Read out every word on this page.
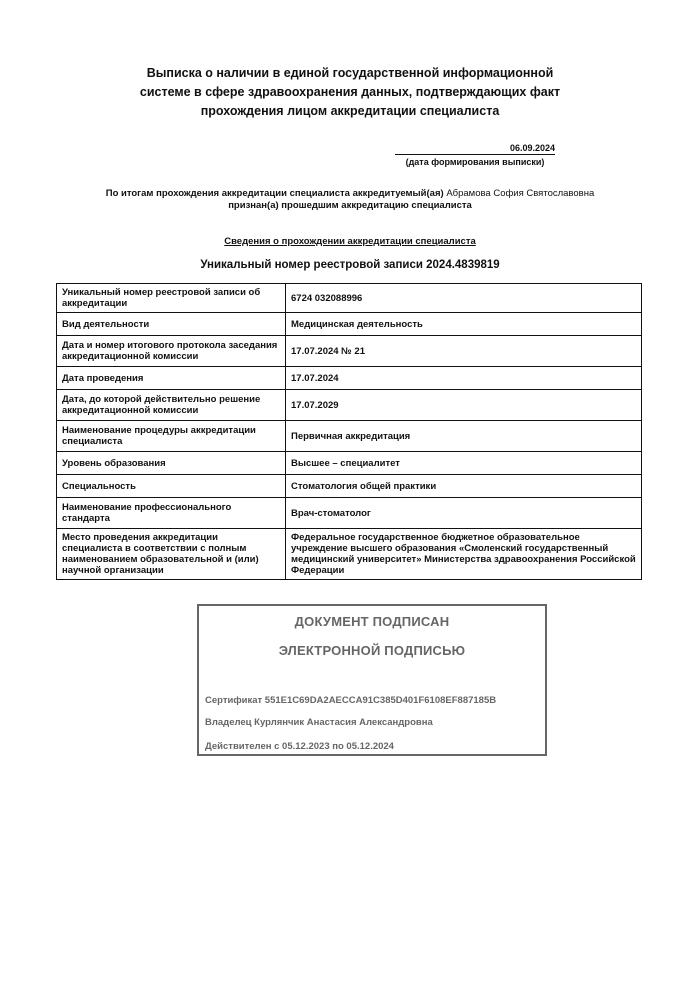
Выписка о наличии в единой государственной информационной
системе в сфере здравоохранения данных, подтверждающих факт
прохождения лицом аккредитации специалиста
06.09.2024
(дата формирования выписки)
По итогам прохождения аккредитации специалиста аккредитуемый(ая) Абрамова София Святославовна
признан(а) прошедшим аккредитацию специалиста
Сведения о прохождении аккредитации специалиста
Уникальный номер реестровой записи 2024.4839819
Уникальный номер реестровой записи об аккредитации	6724 032088996
Вид деятельности	Медицинская деятельность
Дата и номер итогового протокола заседания аккредитационной комиссии	17.07.2024 № 21
Дата проведения	17.07.2024
Дата, до которой действительно решение аккредитационной комиссии	17.07.2029
Наименование процедуры аккредитации специалиста	Первичная аккредитация
Уровень образования	Высшее – специалитет
Специальность	Стоматология общей практики
Наименование профессионального стандарта	Врач-стоматолог
Место проведения аккредитации специалиста в соответствии с полным наименованием образовательной и (или) научной организации	Федеральное государственное бюджетное образовательное учреждение высшего образования «Смоленский государственный медицинский университет» Министерства здравоохранения Российской Федерации
ДОКУМЕНТ ПОДПИСАН
ЭЛЕКТРОННОЙ ПОДПИСЬЮ
Сертификат 551E1C69DA2AECCA91C385D401F6108EF887185B
Владелец Курлянчик Анастасия Александровна
Действителен с 05.12.2023 по 05.12.2024
